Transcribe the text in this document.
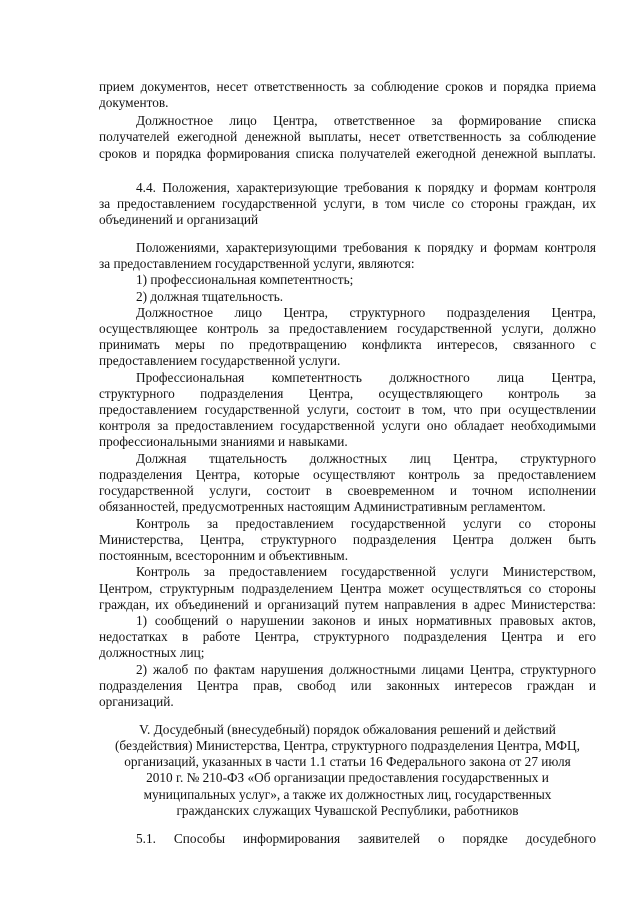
прием документов, несет ответственность за соблюдение сроков и порядка приема
документов.
Должностное лицо Центра, ответственное за формирование списка
получателей ежегодной денежной выплаты, несет ответственность за соблюдение
сроков и порядка формирования списка получателей ежегодной денежной выплаты.
4.4. Положения, характеризующие требования к порядку и формам контроля
за предоставлением государственной услуги, в том числе со стороны граждан, их
объединений и организаций
Положениями, характеризующими требования к порядку и формам контроля
за предоставлением государственной услуги, являются:
1) профессиональная компетентность;
2) должная тщательность.
Должностное лицо Центра, структурного подразделения Центра,
осуществляющее контроль за предоставлением государственной услуги, должно
принимать меры по предотвращению конфликта интересов, связанного с
предоставлением государственной услуги.
Профессиональная компетентность должностного лица Центра,
структурного подразделения Центра, осуществляющего контроль за
предоставлением государственной услуги, состоит в том, что при осуществлении
контроля за предоставлением государственной услуги оно обладает необходимыми
профессиональными знаниями и навыками.
Должная тщательность должностных лиц Центра, структурного
подразделения Центра, которые осуществляют контроль за предоставлением
государственной услуги, состоит в своевременном и точном исполнении
обязанностей, предусмотренных настоящим Административным регламентом.
Контроль за предоставлением государственной услуги со стороны
Министерства, Центра, структурного подразделения Центра должен быть
постоянным, всесторонним и объективным.
Контроль за предоставлением государственной услуги Министерством,
Центром, структурным подразделением Центра может осуществляться со стороны
граждан, их объединений и организаций путем направления в адрес Министерства:
1) сообщений о нарушении законов и иных нормативных правовых актов,
недостатках в работе Центра, структурного подразделения Центра и его
должностных лиц;
2) жалоб по фактам нарушения должностными лицами Центра, структурного
подразделения Центра прав, свобод или законных интересов граждан и
организаций.
V. Досудебный (внесудебный) порядок обжалования решений и действий
(бездействия) Министерства, Центра, структурного подразделения Центра, МФЦ,
организаций, указанных в части 1.1 статьи 16 Федерального закона от 27 июля
2010 г. № 210-ФЗ «Об организации предоставления государственных и
муниципальных услуг», а также их должностных лиц, государственных
гражданских служащих Чувашской Республики, работников
5.1. Способы информирования заявителей о порядке досудебного
